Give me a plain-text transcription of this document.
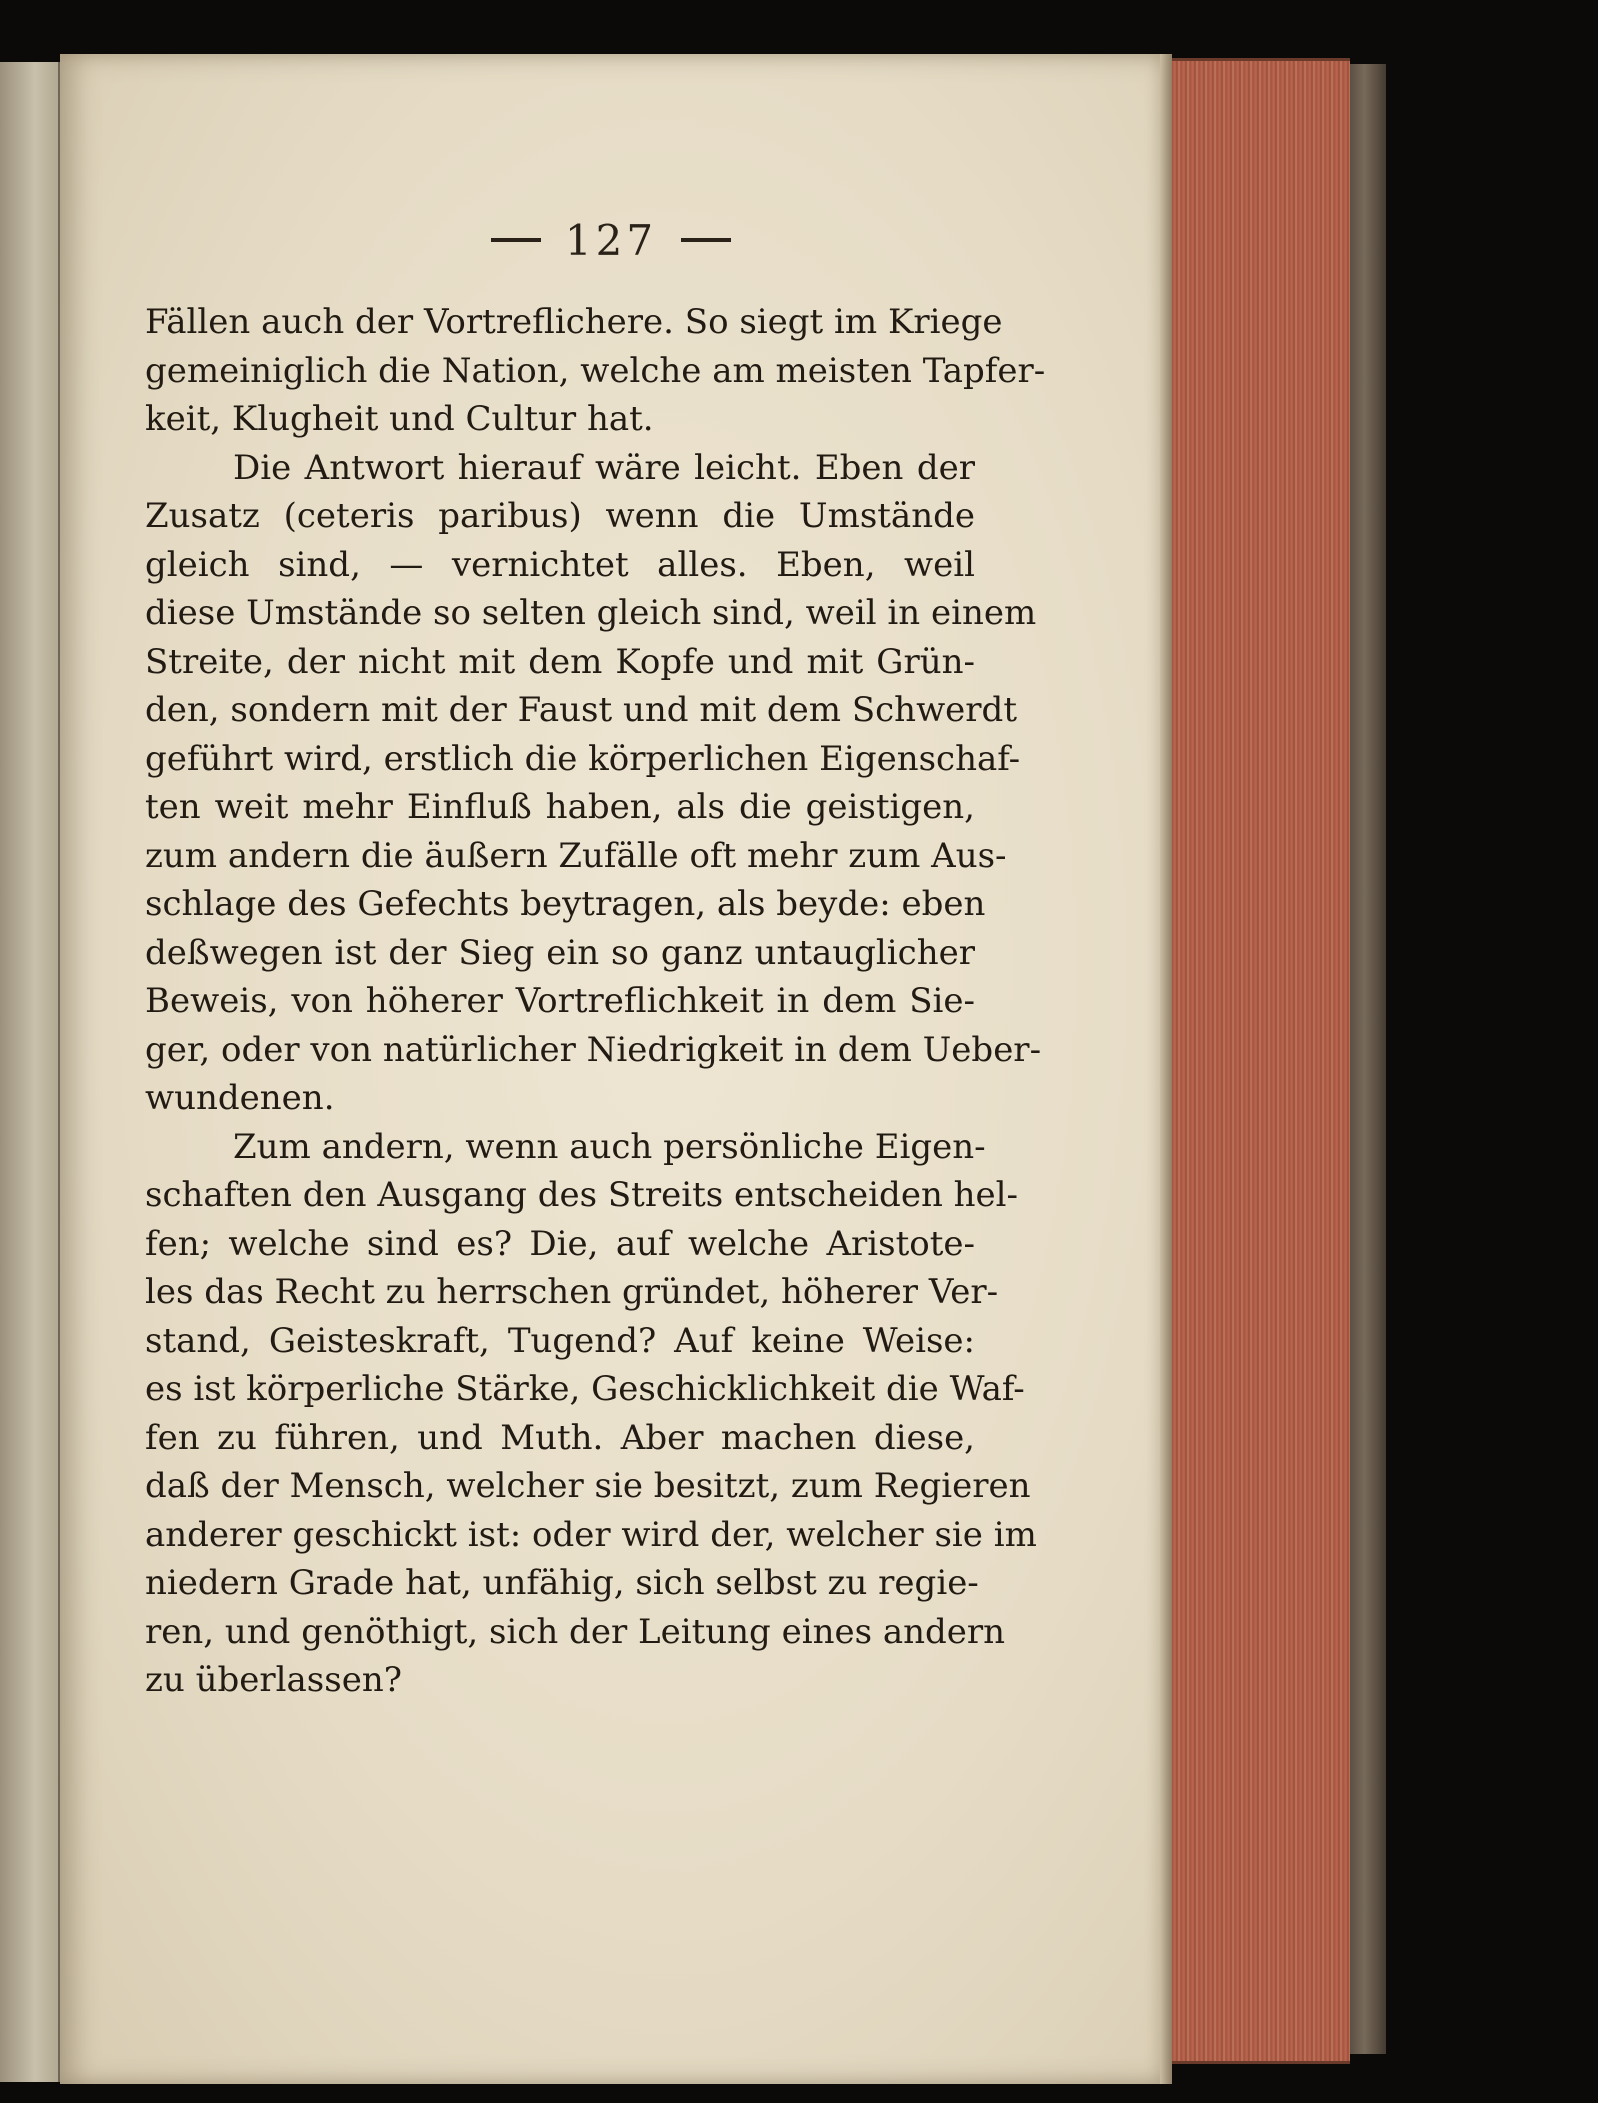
127
Fällen auch der Vortreflichere. So siegt im Kriege
gemeiniglich die Nation, welche am meisten Tapfer-
keit, Klugheit und Cultur hat.
Die Antwort hierauf wäre leicht. Eben der
Zusatz (ceteris paribus) wenn die Umstände
gleich sind, — vernichtet alles. Eben, weil
diese Umstände so selten gleich sind, weil in einem
Streite, der nicht mit dem Kopfe und mit Grün-
den, sondern mit der Faust und mit dem Schwerdt
geführt wird, erstlich die körperlichen Eigenschaf-
ten weit mehr Einfluß haben, als die geistigen,
zum andern die äußern Zufälle oft mehr zum Aus-
schlage des Gefechts beytragen, als beyde: eben
deßwegen ist der Sieg ein so ganz untauglicher
Beweis, von höherer Vortreflichkeit in dem Sie-
ger, oder von natürlicher Niedrigkeit in dem Ueber-
wundenen.
Zum andern, wenn auch persönliche Eigen-
schaften den Ausgang des Streits entscheiden hel-
fen; welche sind es? Die, auf welche Aristote-
les das Recht zu herrschen gründet, höherer Ver-
stand, Geisteskraft, Tugend? Auf keine Weise:
es ist körperliche Stärke, Geschicklichkeit die Waf-
fen zu führen, und Muth. Aber machen diese,
daß der Mensch, welcher sie besitzt, zum Regieren
anderer geschickt ist: oder wird der, welcher sie im
niedern Grade hat, unfähig, sich selbst zu regie-
ren, und genöthigt, sich der Leitung eines andern
zu überlassen?
